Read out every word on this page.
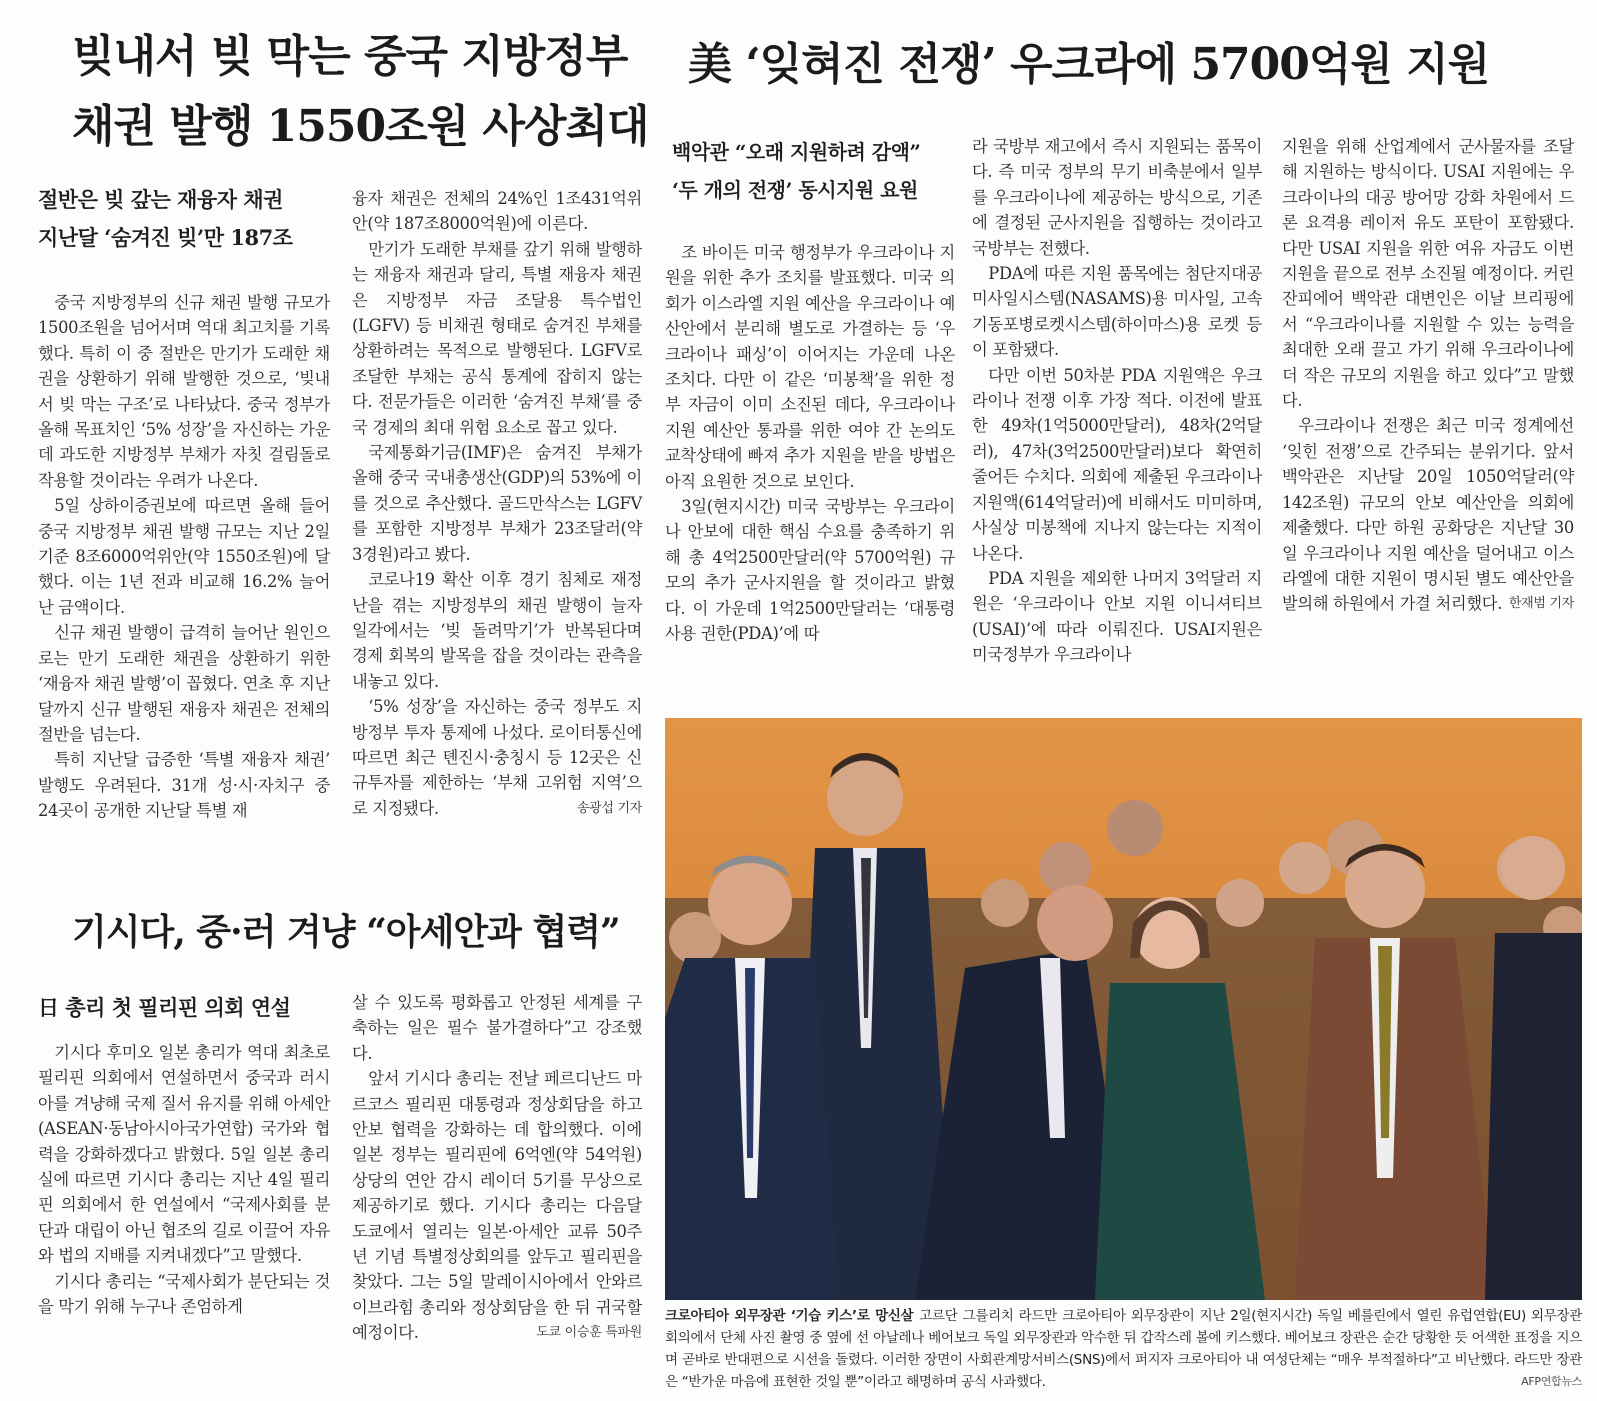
빚내서 빚 막는 중국 지방정부
채권 발행 1550조원 사상최대
절반은 빚 갚는 재융자 채권
지난달 ‘숨겨진 빚’만 187조

중국 지방정부의 신규 채권 발행 규모가 1500조원을 넘어서며 역대 최고치를 기록했다. 특히 이 중 절반은 만기가 도래한 채권을 상환하기 위해 발행한 것으로, ‘빚내서 빚 막는 구조’로 나타났다. 중국 정부가 올해 목표치인 ‘5% 성장’을 자신하는 가운데 과도한 지방정부 부채가 자칫 걸림돌로 작용할 것이라는 우려가 나온다.

5일 상하이증권보에 따르면 올해 들어 중국 지방정부 채권 발행 규모는 지난 2일 기준 8조6000억위안(약 1550조원)에 달했다. 이는 1년 전과 비교해 16.2% 늘어난 금액이다.

신규 채권 발행이 급격히 늘어난 원인으로는 만기 도래한 채권을 상환하기 위한 ‘재융자 채권 발행’이 꼽혔다. 연초 후 지난달까지 신규 발행된 재융자 채권은 전체의 절반을 넘는다.

특히 지난달 급증한 ‘특별 재융자 채권’ 발행도 우려된다. 31개 성·시·자치구 중 24곳이 공개한 지난달 특별 재

융자 채권은 전체의 24%인 1조431억위안(약 187조8000억원)에 이른다.

만기가 도래한 부채를 갚기 위해 발행하는 재융자 채권과 달리, 특별 재융자 채권은 지방정부 자금 조달용 특수법인(LGFV) 등 비채권 형태로 숨겨진 부채를 상환하려는 목적으로 발행된다. LGFV로 조달한 부채는 공식 통계에 잡히지 않는다. 전문가들은 이러한 ‘숨겨진 부채’를 중국 경제의 최대 위험 요소로 꼽고 있다.

국제통화기금(IMF)은 숨겨진 부채가 올해 중국 국내총생산(GDP)의 53%에 이를 것으로 추산했다. 골드만삭스는 LGFV를 포함한 지방정부 부채가 23조달러(약 3경원)라고 봤다.

코로나19 확산 이후 경기 침체로 재정난을 겪는 지방정부의 채권 발행이 늘자 일각에서는 ‘빚 돌려막기’가 반복된다며 경제 회복의 발목을 잡을 것이라는 관측을 내놓고 있다.

‘5% 성장’을 자신하는 중국 정부도 지방정부 투자 통제에 나섰다. 로이터통신에 따르면 최근 톈진시·충칭시 등 12곳은 신규투자를 제한하는 ‘부채 고위험 지역’으로 지정됐다.	송광섭 기자

기시다, 중·러 겨냥 “아세안과 협력”
日 총리 첫 필리핀 의회 연설

기시다 후미오 일본 총리가 역대 최초로 필리핀 의회에서 연설하면서 중국과 러시아를 겨냥해 국제 질서 유지를 위해 아세안(ASEAN·동남아시아국가연합) 국가와 협력을 강화하겠다고 밝혔다. 5일 일본 총리실에 따르면 기시다 총리는 지난 4일 필리핀 의회에서 한 연설에서 “국제사회를 분단과 대립이 아닌 협조의 길로 이끌어 자유와 법의 지배를 지켜내겠다”고 말했다.

기시다 총리는 “국제사회가 분단되는 것을 막기 위해 누구나 존엄하게

살 수 있도록 평화롭고 안정된 세계를 구축하는 일은 필수 불가결하다”고 강조했다.

앞서 기시다 총리는 전날 페르디난드 마르코스 필리핀 대통령과 정상회담을 하고 안보 협력을 강화하는 데 합의했다. 이에 일본 정부는 필리핀에 6억엔(약 54억원) 상당의 연안 감시 레이더 5기를 무상으로 제공하기로 했다. 기시다 총리는 다음달 도쿄에서 열리는 일본·아세안 교류 50주년 기념 특별정상회의를 앞두고 필리핀을 찾았다. 그는 5일 말레이시아에서 안와르 이브라힘 총리와 정상회담을 한 뒤 귀국할 예정이다.	도쿄 이승훈 특파원

美 ‘잊혀진 전쟁’ 우크라에 5700억원 지원
백악관 “오래 지원하려 감액”
‘두 개의 전쟁’ 동시지원 요원

조 바이든 미국 행정부가 우크라이나 지원을 위한 추가 조치를 발표했다. 미국 의회가 이스라엘 지원 예산을 우크라이나 예산안에서 분리해 별도로 가결하는 등 ‘우크라이나 패싱’이 이어지는 가운데 나온 조치다. 다만 이 같은 ‘미봉책’을 위한 정부 자금이 이미 소진된 데다, 우크라이나 지원 예산안 통과를 위한 여야 간 논의도 교착상태에 빠져 추가 지원을 받을 방법은 아직 요원한 것으로 보인다.

3일(현지시간) 미국 국방부는 우크라이나 안보에 대한 핵심 수요를 충족하기 위해 총 4억2500만달러(약 5700억원) 규모의 추가 군사지원을 할 것이라고 밝혔다. 이 가운데 1억2500만달러는 ‘대통령 사용 권한(PDA)’에 따

라 국방부 재고에서 즉시 지원되는 품목이다. 즉 미국 정부의 무기 비축분에서 일부를 우크라이나에 제공하는 방식으로, 기존에 결정된 군사지원을 집행하는 것이라고 국방부는 전했다.

PDA에 따른 지원 품목에는 첨단지대공미사일시스템(NASAMS)용 미사일, 고속기동포병로켓시스템(하이마스)용 로켓 등이 포함됐다.

다만 이번 50차분 PDA 지원액은 우크라이나 전쟁 이후 가장 적다. 이전에 발표한 49차(1억5000만달러), 48차(2억달러), 47차(3억2500만달러)보다 확연히 줄어든 수치다. 의회에 제출된 우크라이나 지원액(614억달러)에 비해서도 미미하며, 사실상 미봉책에 지나지 않는다는 지적이 나온다.

PDA 지원을 제외한 나머지 3억달러 지원은 ‘우크라이나 안보 지원 이니셔티브(USAI)’에 따라 이뤄진다. USAI지원은 미국정부가 우크라이나

지원을 위해 산업계에서 군사물자를 조달해 지원하는 방식이다. USAI 지원에는 우크라이나의 대공 방어망 강화 차원에서 드론 요격용 레이저 유도 포탄이 포함됐다. 다만 USAI 지원을 위한 여유 자금도 이번 지원을 끝으로 전부 소진될 예정이다. 커린 잔피에어 백악관 대변인은 이날 브리핑에서 “우크라이나를 지원할 수 있는 능력을 최대한 오래 끌고 가기 위해 우크라이나에 더 작은 규모의 지원을 하고 있다”고 말했다.

우크라이나 전쟁은 최근 미국 정계에선 ‘잊힌 전쟁’으로 간주되는 분위기다. 앞서 백악관은 지난달 20일 1050억달러(약 142조원) 규모의 안보 예산안을 의회에 제출했다. 다만 하원 공화당은 지난달 30일 우크라이나 지원 예산을 덜어내고 이스라엘에 대한 지원이 명시된 별도 예산안을 발의해 하원에서 가결 처리했다. 한재범 기자

크로아티아 외무장관 ‘기습 키스’로 망신살 고르단 그를리치 라드만 크로아티아 외무장관이 지난 2일(현지시간) 독일 베를린에서 열린 유럽연합(EU) 외무장관 회의에서 단체 사진 촬영 중 옆에 선 아날레나 베어보크 독일 외무장관과 악수한 뒤 갑작스레 볼에 키스했다. 베어보크 장관은 순간 당황한 듯 어색한 표정을 지으며 곧바로 반대편으로 시선을 돌렸다. 이러한 장면이 사회관계망서비스(SNS)에서 퍼지자 크로아티아 내 여성단체는 “매우 부적절하다”고 비난했다. 라드만 장관은 “반가운 마음에 표현한 것일 뿐”이라고 해명하며 공식 사과했다.	AFP연합뉴스
